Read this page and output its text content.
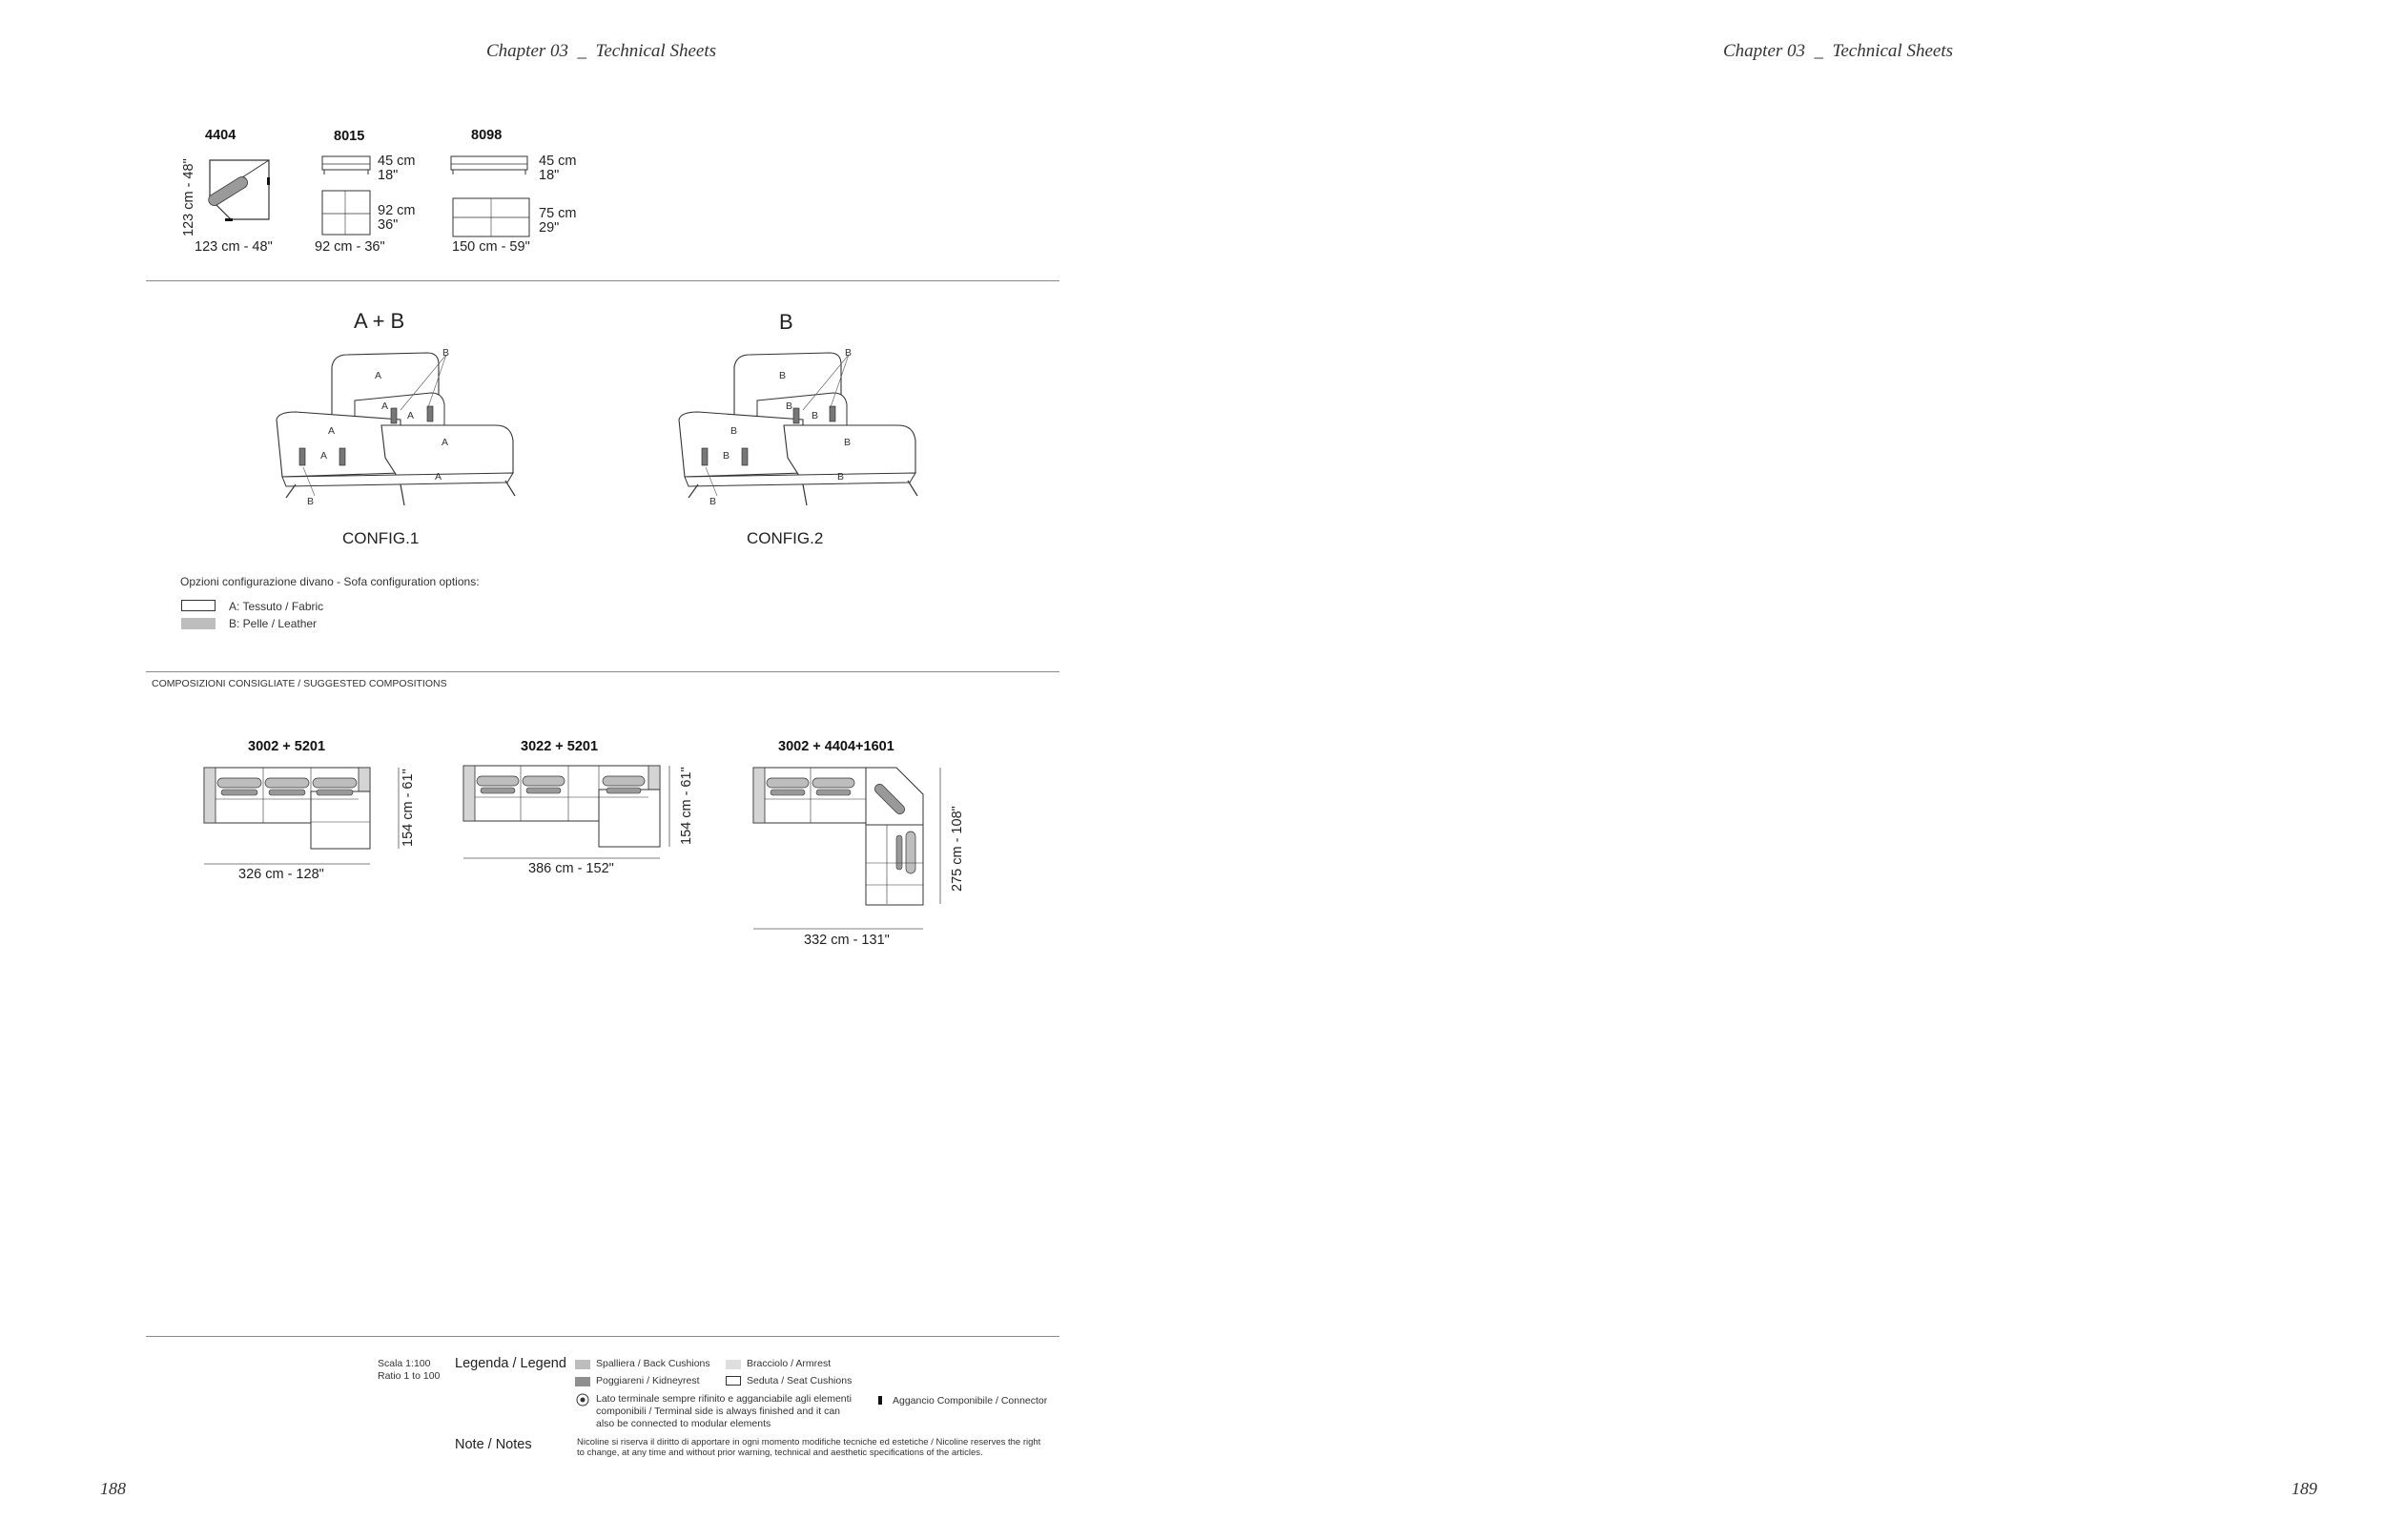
Chapter 03  _  Technical Sheets	Chapter 03  _  Technical Sheets
4404
123 cm - 48"
123 cm - 48"
8015
45 cm
18"
92 cm
36"
92 cm - 36"
8098
45 cm
18"
75 cm
29"
150 cm - 59"
A + B	B
A
A
A
A
A
A
A
B
B
B
B
B
B
B
B
B
B
B
CONFIG.1	CONFIG.2
Opzioni configurazione divano - Sofa configuration options:
A: Tessuto / Fabric
B: Pelle / Leather
COMPOSIZIONI CONSIGLIATE / SUGGESTED COMPOSITIONS
3002 + 5201	3022 + 5201	3002 + 4404+1601
326 cm - 128"
154 cm - 61"
386 cm - 152"
154 cm - 61"
332 cm - 131"
275 cm - 108"
Scala 1:100
Ratio 1 to 100
Legenda / Legend	Spalliera / Back Cushions	Bracciolo / Armrest
Poggiareni / Kidneyrest	Seduta / Seat Cushions
Lato terminale sempre rifinito e agganciabile agli elementi
componibili / Terminal side is always finished and it can
also be connected to modular elements
Aggancio Componibile / Connector
Note / Notes	Nicoline si riserva il diritto di apportare in ogni momento modifiche tecniche ed estetiche / Nicoline reserves the right
to change, at any time and without prior warning, technical and aesthetic specifications of the articles.
188	189
